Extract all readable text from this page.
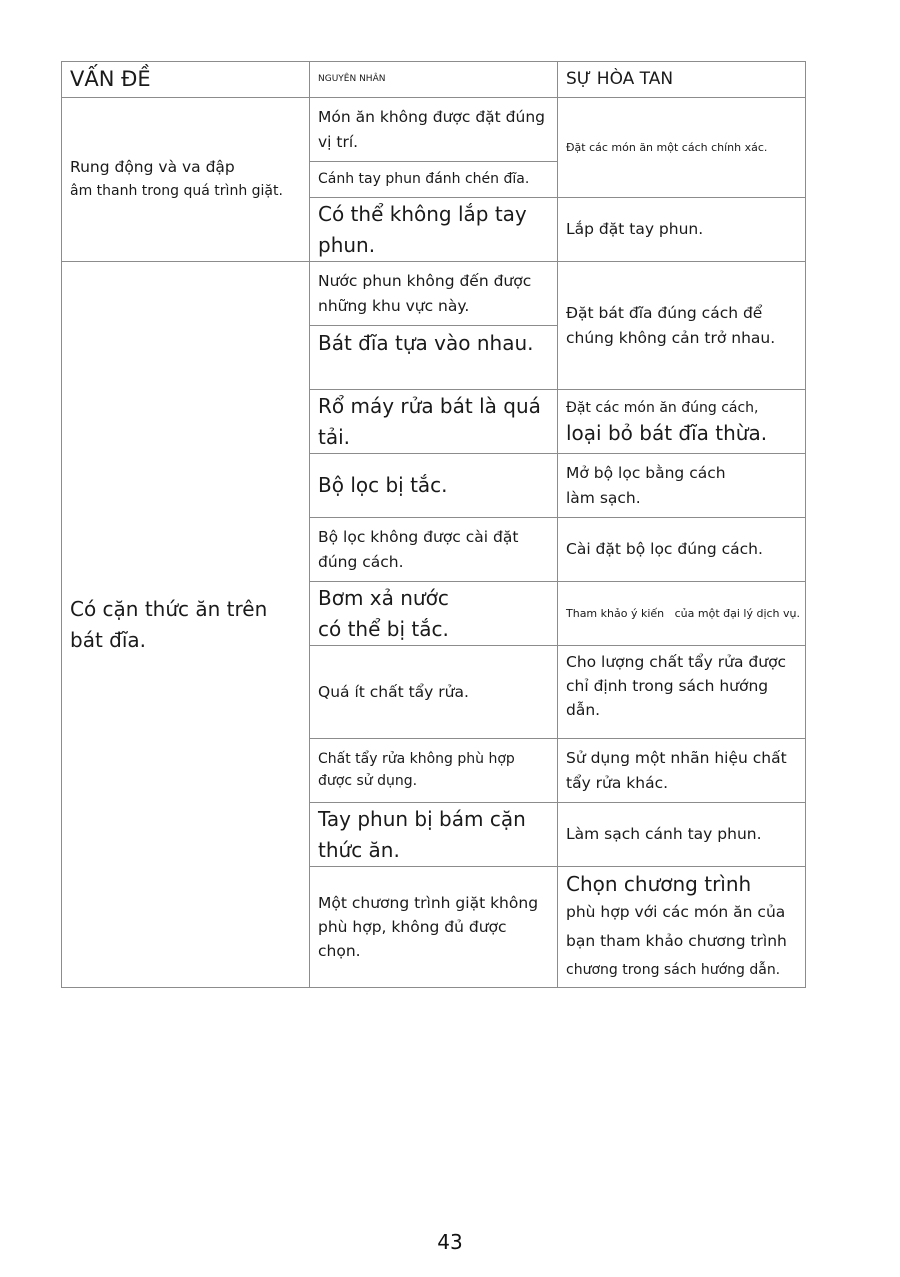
VẤN ĐỀ	NGUYÊN NHÂN	SỰ HÒA TAN

Rung động và va đập
âm thanh trong quá trình giặt.	Món ăn không được đặt đúng vị trí.	Đặt các món ăn một cách chính xác.
	Cánh tay phun đánh chén đĩa.	
	Có thể không lắp tay phun.	Lắp đặt tay phun.
Có cặn thức ăn trên bát đĩa.	Nước phun không đến được những khu vực này.	Đặt bát đĩa đúng cách để chúng không cản trở nhau.
	Bát đĩa tựa vào nhau.	
	Rổ máy rửa bát là quá tải.	Đặt các món ăn đúng cách,
loại bỏ bát đĩa thừa.

	Bộ lọc bị tắc.	Mở bộ lọc bằng cách
làm sạch.

	Bộ lọc không được cài đặt đúng cách.	Cài đặt bộ lọc đúng cách.

	Bơm xả nước
có thể bị tắc.	Tham khảo ý kiến   của một đại lý dịch vụ.
	Quá ít chất tẩy rửa.	Cho lượng chất tẩy rửa được chỉ định trong sách hướng dẫn.
	Chất tẩy rửa không phù hợp được sử dụng.	Sử dụng một nhãn hiệu chất tẩy rửa khác.
	Tay phun bị bám cặn thức ăn.	Làm sạch cánh tay phun.
	Một chương trình giặt không phù hợp, không đủ được chọn.	Chọn chương trình
phù hợp với các món ăn của bạn tham khảo chương trình
chương trong sách hướng dẫn.
43
